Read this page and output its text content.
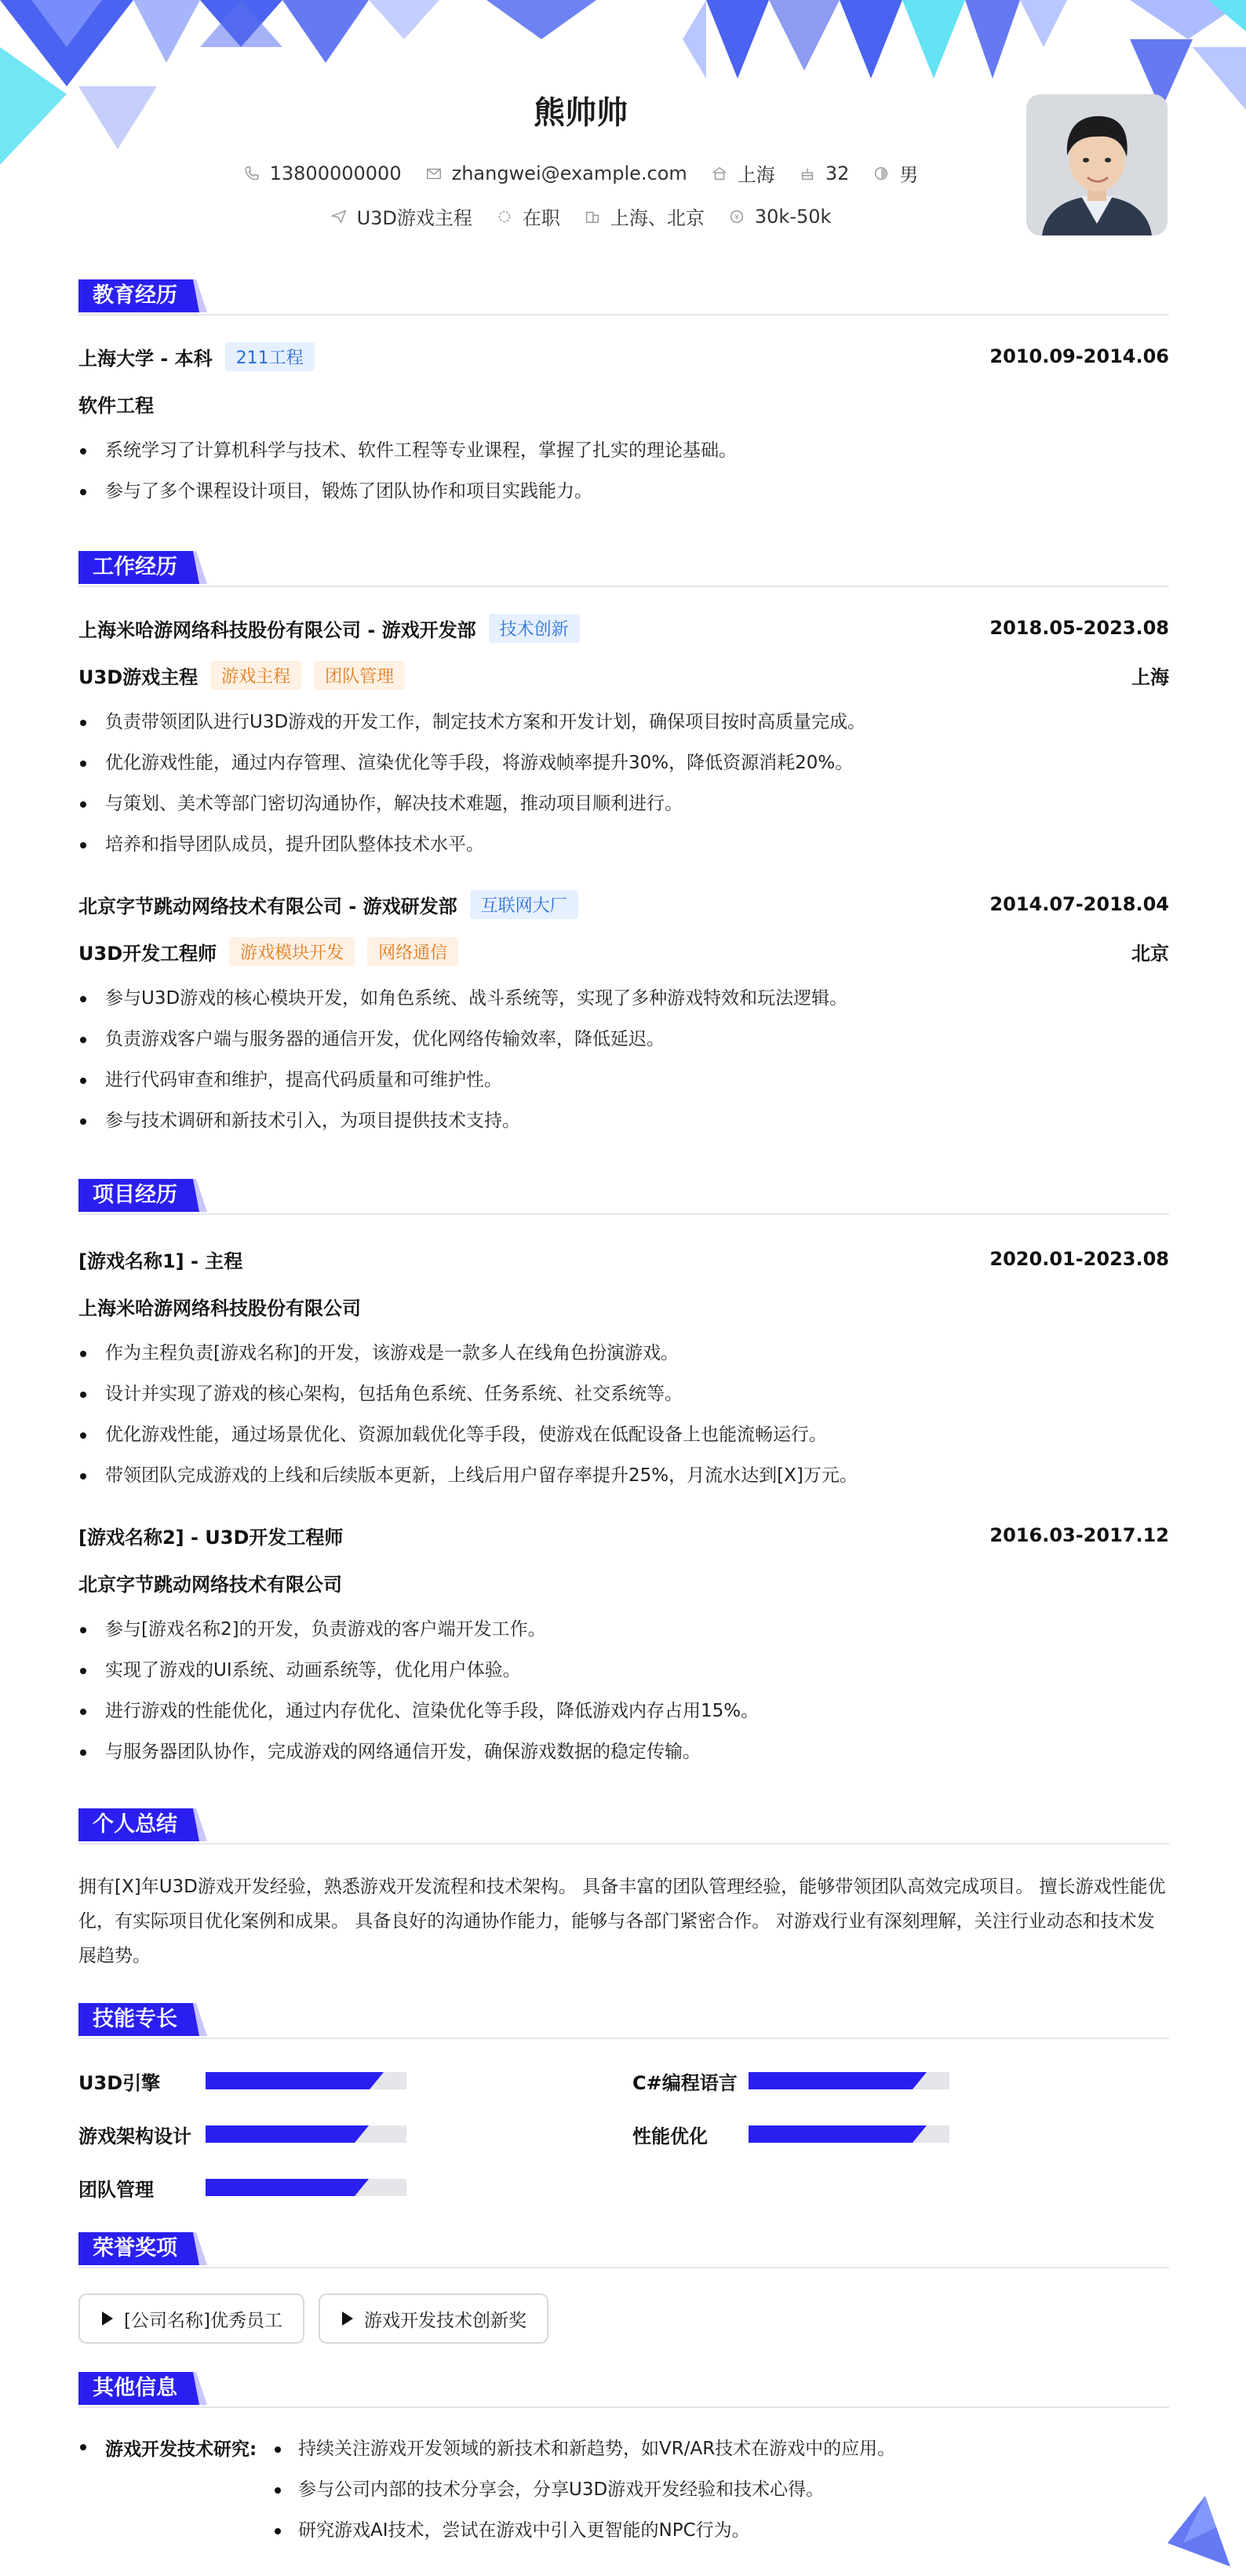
熊帅帅
13800000000	zhangwei@example.com	上海	32	男
U3D游戏主程	在职	上海、北京	¥ 30k-50k
教育经历
上海大学 - 本科	211工程	2010.09-2014.06
软件工程
系统学习了计算机科学与技术、软件工程等专业课程，掌握了扎实的理论基础。
参与了多个课程设计项目，锻炼了团队协作和项目实践能力。
工作经历
上海米哈游网络科技股份有限公司 - 游戏开发部	技术创新	2018.05-2023.08
U3D游戏主程	游戏主程	团队管理	上海
负责带领团队进行U3D游戏的开发工作，制定技术方案和开发计划，确保项目按时高质量完成。
优化游戏性能，通过内存管理、渲染优化等手段，将游戏帧率提升30%，降低资源消耗20%。
与策划、美术等部门密切沟通协作，解决技术难题，推动项目顺利进行。
培养和指导团队成员，提升团队整体技术水平。
北京字节跳动网络技术有限公司 - 游戏研发部	互联网大厂	2014.07-2018.04
U3D开发工程师	游戏模块开发	网络通信	北京
参与U3D游戏的核心模块开发，如角色系统、战斗系统等，实现了多种游戏特效和玩法逻辑。
负责游戏客户端与服务器的通信开发，优化网络传输效率，降低延迟。
进行代码审查和维护，提高代码质量和可维护性。
参与技术调研和新技术引入，为项目提供技术支持。
项目经历
[游戏名称1] - 主程	2020.01-2023.08
上海米哈游网络科技股份有限公司
作为主程负责[游戏名称]的开发，该游戏是一款多人在线角色扮演游戏。
设计并实现了游戏的核心架构，包括角色系统、任务系统、社交系统等。
优化游戏性能，通过场景优化、资源加载优化等手段，使游戏在低配设备上也能流畅运行。
带领团队完成游戏的上线和后续版本更新，上线后用户留存率提升25%，月流水达到[X]万元。
[游戏名称2] - U3D开发工程师	2016.03-2017.12
北京字节跳动网络技术有限公司
参与[游戏名称2]的开发，负责游戏的客户端开发工作。
实现了游戏的UI系统、动画系统等，优化用户体验。
进行游戏的性能优化，通过内存优化、渲染优化等手段，降低游戏内存占用15%。
与服务器团队协作，完成游戏的网络通信开发，确保游戏数据的稳定传输。
个人总结
拥有[X]年U3D游戏开发经验，熟悉游戏开发流程和技术架构。 具备丰富的团队管理经验，能够带领团队高效完成项目。 擅长游戏性能优化，有实际项目优化案例和成果。 具备良好的沟通协作能力，能够与各部门紧密合作。 对游戏行业有深刻理解，关注行业动态和技术发展趋势。
技能专长
U3D引擎	C#编程语言
游戏架构设计	性能优化
团队管理
荣誉奖项
[公司名称]优秀员工	游戏开发技术创新奖
其他信息
游戏开发技术研究:	持续关注游戏开发领域的新技术和新趋势，如VR/AR技术在游戏中的应用。
参与公司内部的技术分享会，分享U3D游戏开发经验和技术心得。
研究游戏AI技术，尝试在游戏中引入更智能的NPC行为。
